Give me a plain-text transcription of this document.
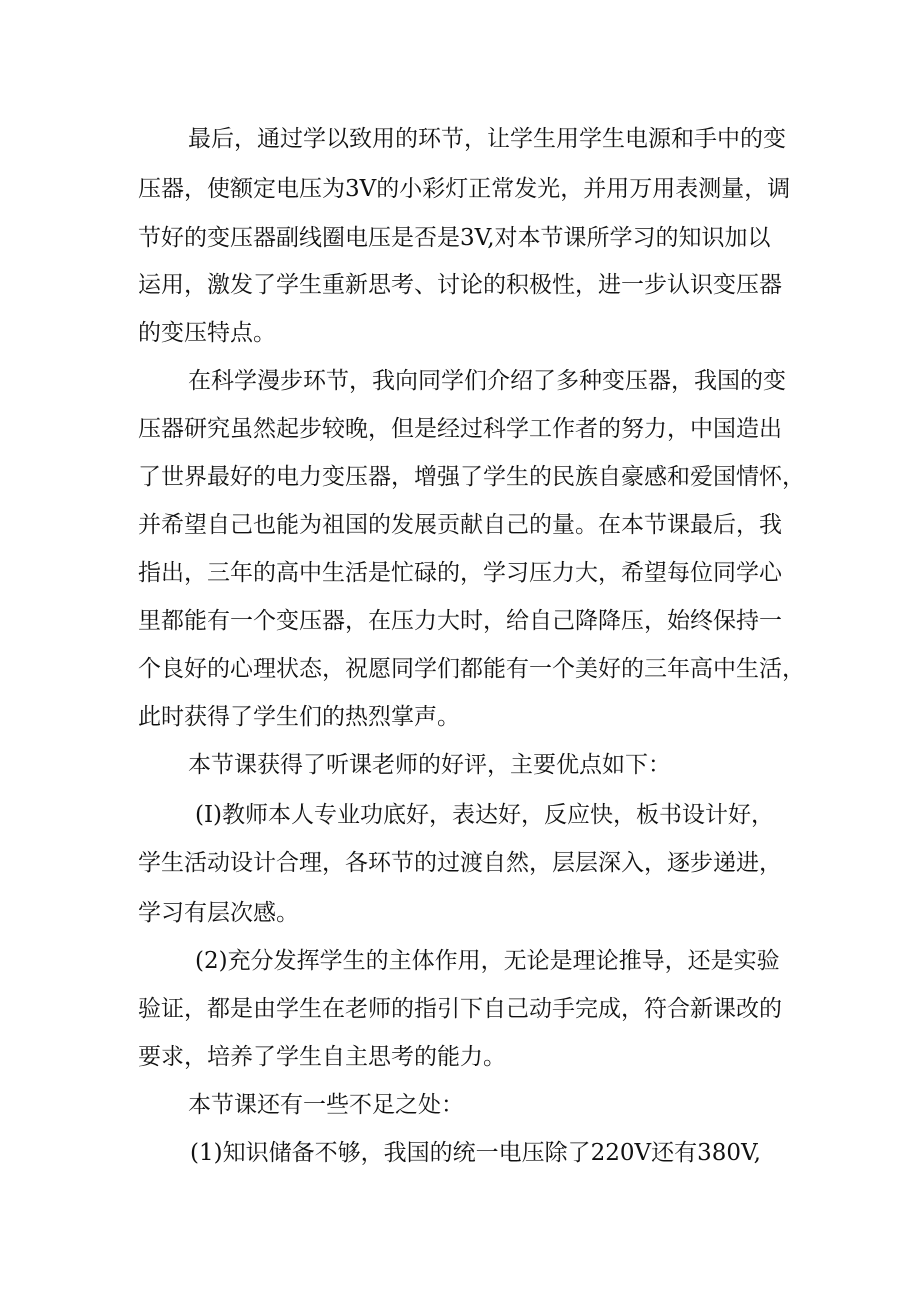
最后，通过学以致用的环节，让学生用学生电源和手中的变
压器，使额定电压为3V的小彩灯正常发光，并用万用表测量，调
节好的变压器副线圈电压是否是3V,对本节课所学习的知识加以
运用，激发了学生重新思考、讨论的积极性，进一步认识变压器
的变压特点。
在科学漫步环节，我向同学们介绍了多种变压器，我国的变
压器研究虽然起步较晚，但是经过科学工作者的努力，中国造出
了世界最好的电力变压器，增强了学生的民族自豪感和爱国情怀，
并希望自己也能为祖国的发展贡献自己的量。在本节课最后，我
指出，三年的高中生活是忙碌的，学习压力大，希望每位同学心
里都能有一个变压器，在压力大时，给自己降降压，始终保持一
个良好的心理状态，祝愿同学们都能有一个美好的三年高中生活，
此时获得了学生们的热烈掌声。
本节课获得了听课老师的好评，主要优点如下：
(I)教师本人专业功底好，表达好，反应快，板书设计好，
学生活动设计合理，各环节的过渡自然，层层深入，逐步递进，
学习有层次感。
(2)充分发挥学生的主体作用，无论是理论推导，还是实验
验证，都是由学生在老师的指引下自己动手完成，符合新课改的
要求，培养了学生自主思考的能力。
本节课还有一些不足之处：
(1)知识储备不够，我国的统一电压除了220V还有380V,
